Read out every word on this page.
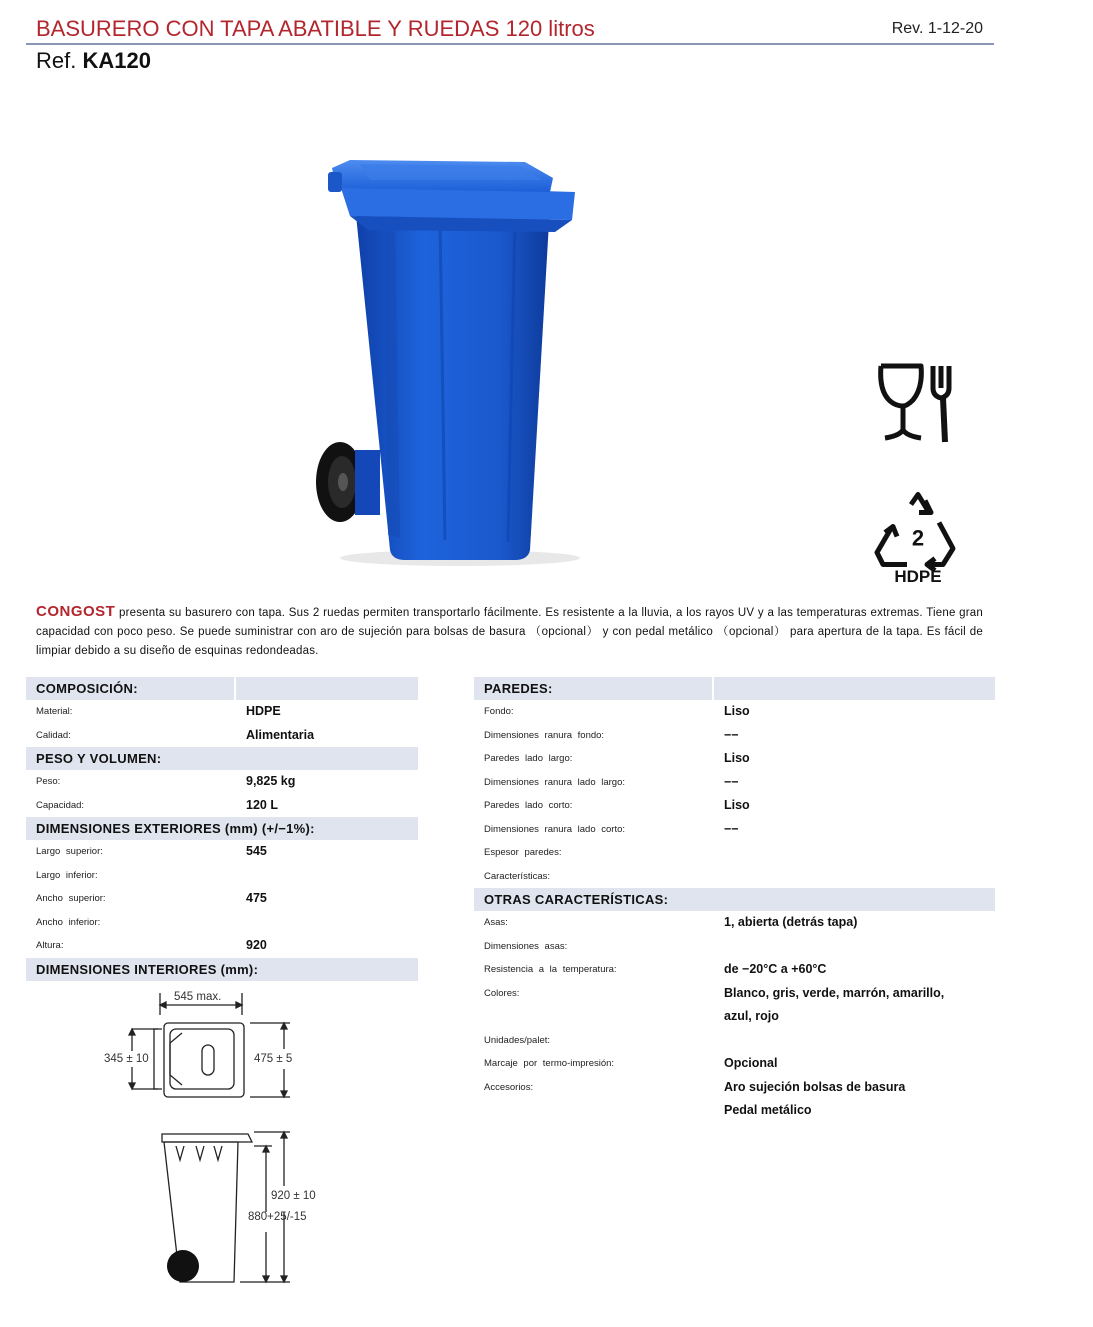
BASURERO CON TAPA ABATIBLE Y RUEDAS 120 litros	Rev. 1-12-20
Ref. KA120
2
HDPE
CONGOST presenta su basurero con tapa. Sus 2 ruedas permiten transportarlo fácilmente. Es resistente a la lluvia, a los rayos UV y a las temperaturas extremas. Tiene gran capacidad con poco peso. Se puede suministrar con aro de sujeción para bolsas de basura （opcional） y con pedal metálico （opcional） para apertura de la tapa. Es fácil de limpiar debido a su diseño de esquinas redondeadas.
COMPOSICIÓN:
Material:	HDPE
Calidad:	Alimentaria
PESO Y VOLUMEN:
Peso:	9,825 kg
Capacidad:	120 L
DIMENSIONES EXTERIORES (mm) (+/−1%):
Largo superior:	545
Largo inferior:
Ancho superior:	475
Ancho inferior:
Altura:	920
DIMENSIONES INTERIORES (mm):
PAREDES:
Fondo:	Liso
Dimensiones ranura fondo:	−−
Paredes lado largo:	Liso
Dimensiones ranura lado largo:	−−
Paredes lado corto:	Liso
Dimensiones ranura lado corto:	−−
Espesor paredes:
Características:
OTRAS CARACTERÍSTICAS:
Asas:	1, abierta (detrás tapa)
Dimensiones asas:
Resistencia a la temperatura:	de −20°C a +60°C
Colores:	Blanco, gris, verde, marrón, amarillo,
azul, rojo
Unidades/palet:
Marcaje por termo-impresión:	Opcional
Accesorios:	Aro sujeción bolsas de basura
Pedal metálico
545 max.
345 ± 10	475 ± 5
920 ± 10
880+25/-15
